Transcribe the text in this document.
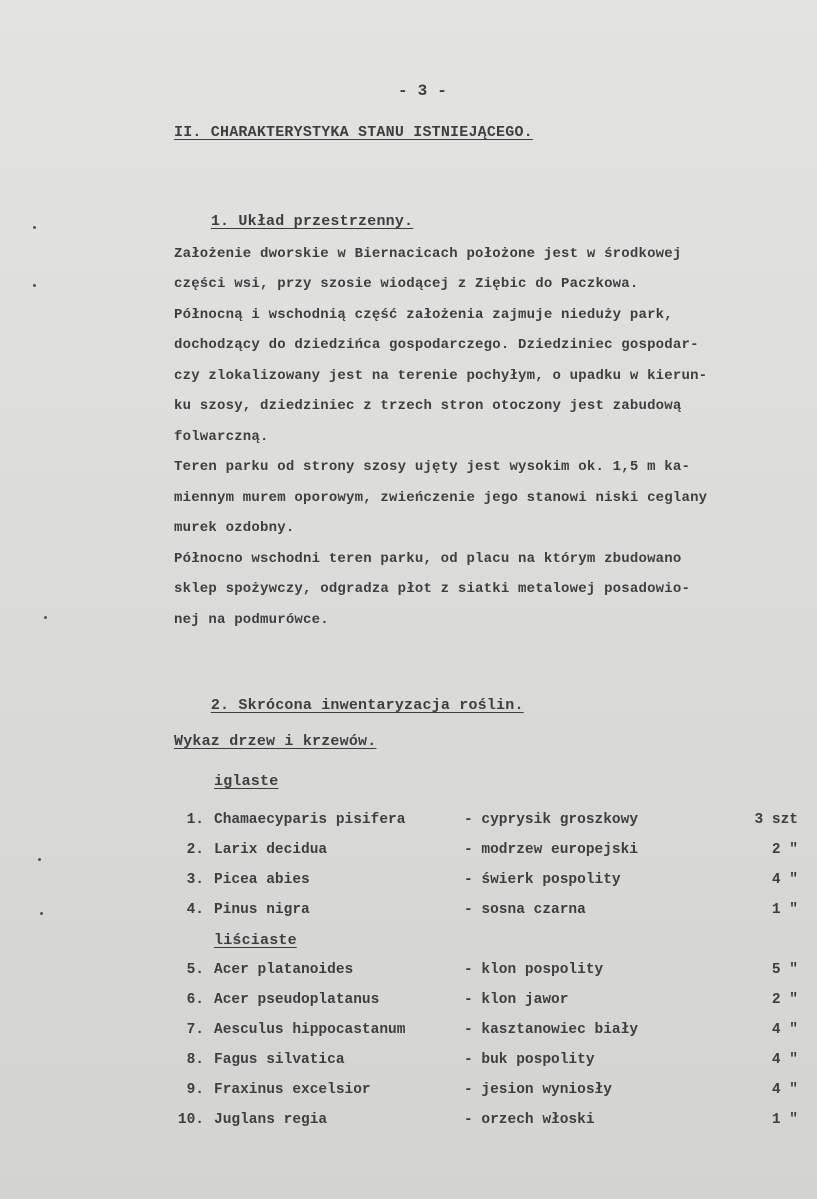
- 3 -
II. CHARAKTERYSTYKA STANU ISTNIEJĄCEGO.

1. Układ przestrzenny.

Założenie dworskie w Biernacicach położone jest w środkowej
części wsi, przy szosie wiodącej z Ziębic do Paczkowa.
Północną i wschodnią część założenia zajmuje nieduży park,
dochodzący do dziedzińca gospodarczego. Dziedziniec gospodar-
czy zlokalizowany jest na terenie pochyłym, o upadku w kierun-
ku szosy, dziedziniec z trzech stron otoczony jest zabudową
folwarczną.
Teren parku od strony szosy ujęty jest wysokim ok. 1,5 m ka-
miennym murem oporowym, zwieńczenie jego stanowi niski ceglany
murek ozdobny.
Północno wschodni teren parku, od placu na którym zbudowano
sklep spożywczy, odgradza płot z siatki metalowej posadowio-
nej na podmurówce.

2. Skrócona inwentaryzacja roślin.

Wykaz drzew i krzewów.
iglaste
1. Chamaecyparis pisifera	- cyprysik groszkowy	3 szt
2. Larix decidua	- modrzew europejski	2 "
3. Picea abies	- świerk pospolity	4 "
4. Pinus nigra	- sosna czarna	1 "
liściaste
5. Acer platanoides	- klon pospolity	5 "
6. Acer pseudoplatanus	- klon jawor	2 "
7. Aesculus hippocastanum	- kasztanowiec biały	4 "
8. Fagus silvatica	- buk pospolity	4 "
9. Fraxinus excelsior	- jesion wyniosły	4 "
10. Juglans regia	- orzech włoski	1 "
